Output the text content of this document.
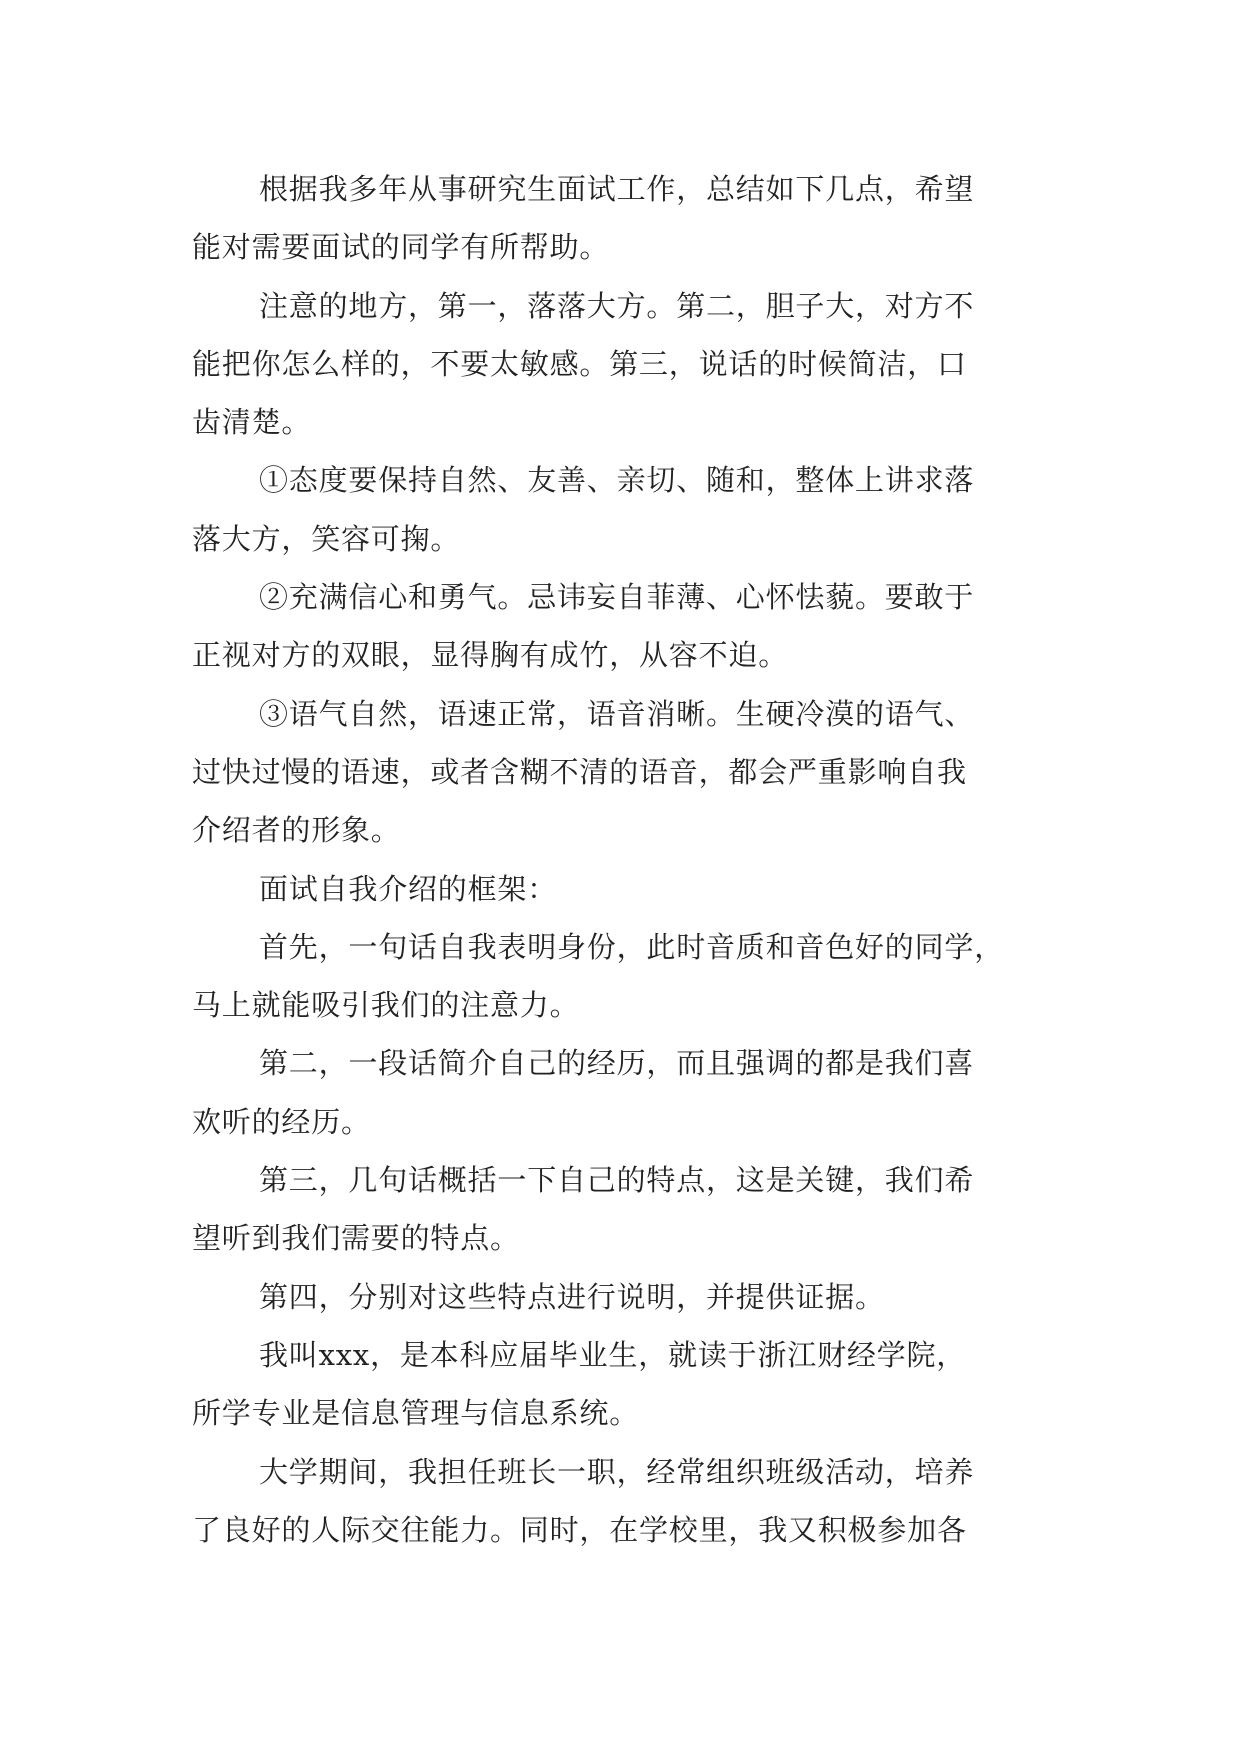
根据我多年从事研究生面试工作，总结如下几点，希望
能对需要面试的同学有所帮助。
注意的地方，第一，落落大方。第二，胆子大，对方不
能把你怎么样的，不要太敏感。第三，说话的时候简洁，口
齿清楚。
①态度要保持自然、友善、亲切、随和，整体上讲求落
落大方，笑容可掬。
②充满信心和勇气。忌讳妄自菲薄、心怀怯藐。要敢于
正视对方的双眼，显得胸有成竹，从容不迫。
③语气自然，语速正常，语音消晰。生硬冷漠的语气、
过快过慢的语速，或者含糊不清的语音，都会严重影响自我
介绍者的形象。
面试自我介绍的框架：
首先，一句话自我表明身份，此时音质和音色好的同学，
马上就能吸引我们的注意力。
第二，一段话简介自己的经历，而且强调的都是我们喜
欢听的经历。
第三，几句话概括一下自己的特点，这是关键，我们希
望听到我们需要的特点。
第四，分别对这些特点进行说明，并提供证据。
我叫xxx，是本科应届毕业生，就读于浙江财经学院，
所学专业是信息管理与信息系统。
大学期间，我担任班长一职，经常组织班级活动，培养
了良好的人际交往能力。同时，在学校里，我又积极参加各
